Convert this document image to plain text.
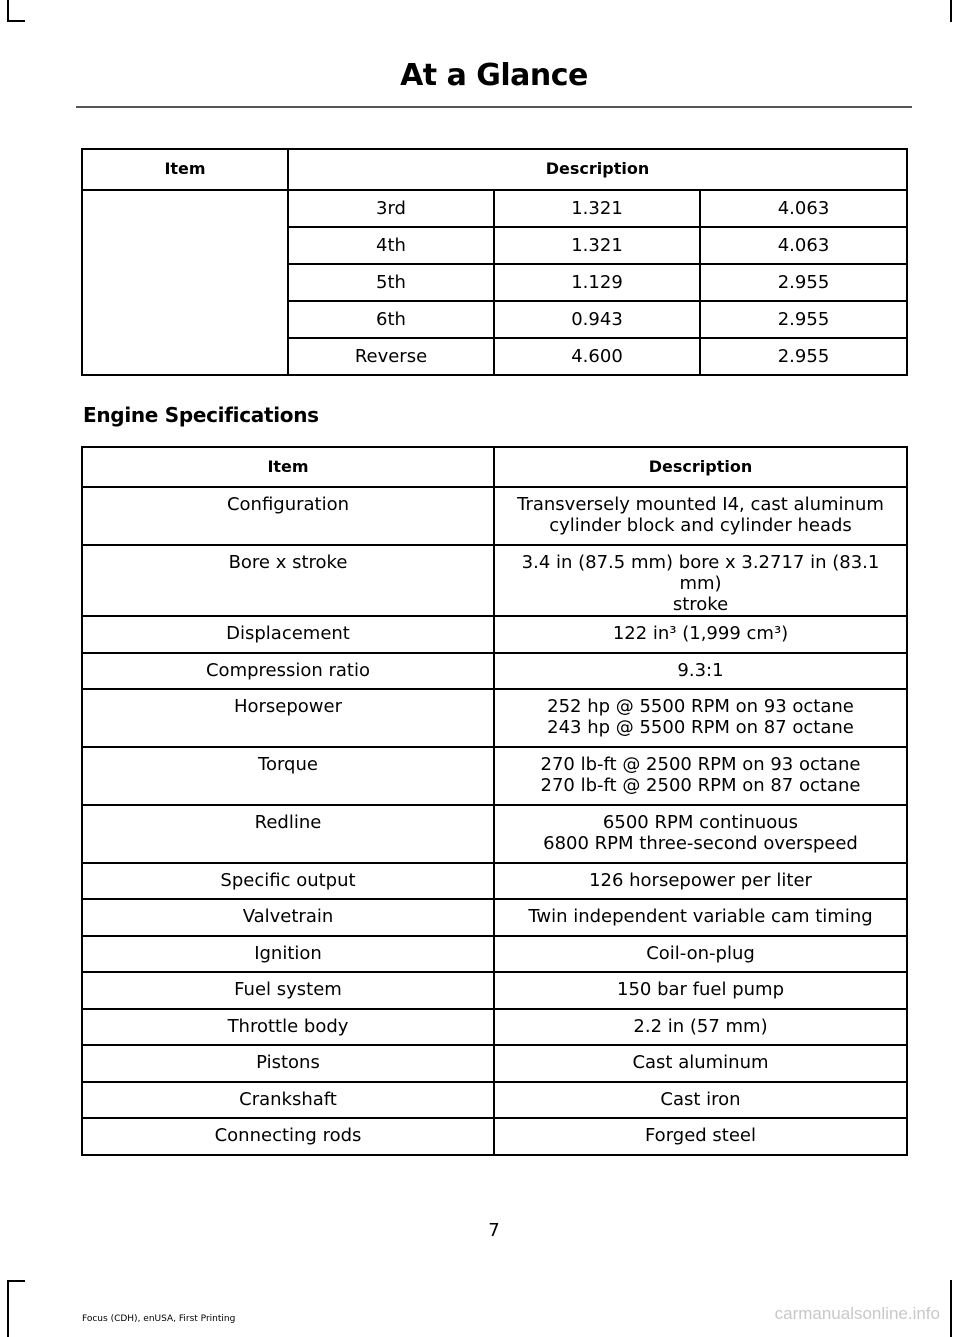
At a Glance
Item	Description		
	3rd	1.321	4.063
	4th	1.321	4.063
	5th	1.129	2.955
	6th	0.943	2.955
	Reverse	4.600	2.955
Engine Specifications
Item	Description
Configuration	Transversely mounted I4, cast aluminum
cylinder block and cylinder heads

Bore x stroke	3.4 in (87.5 mm) bore x 3.2717 in (83.1 mm)
stroke

Displacement	122 in³ (1,999 cm³)
Compression ratio	9.3:1
Horsepower	252 hp @ 5500 RPM on 93 octane
243 hp @ 5500 RPM on 87 octane

Torque	270 lb-ft @ 2500 RPM on 93 octane
270 lb-ft @ 2500 RPM on 87 octane

Redline	6500 RPM continuous
6800 RPM three-second overspeed

Specific output	126 horsepower per liter
Valvetrain	Twin independent variable cam timing
Ignition	Coil-on-plug
Fuel system	150 bar fuel pump
Throttle body	2.2 in (57 mm)
Pistons	Cast aluminum
Crankshaft	Cast iron
Connecting rods	Forged steel
7
Focus (CDH), enUSA, First Printing	carmanualsonline.info
